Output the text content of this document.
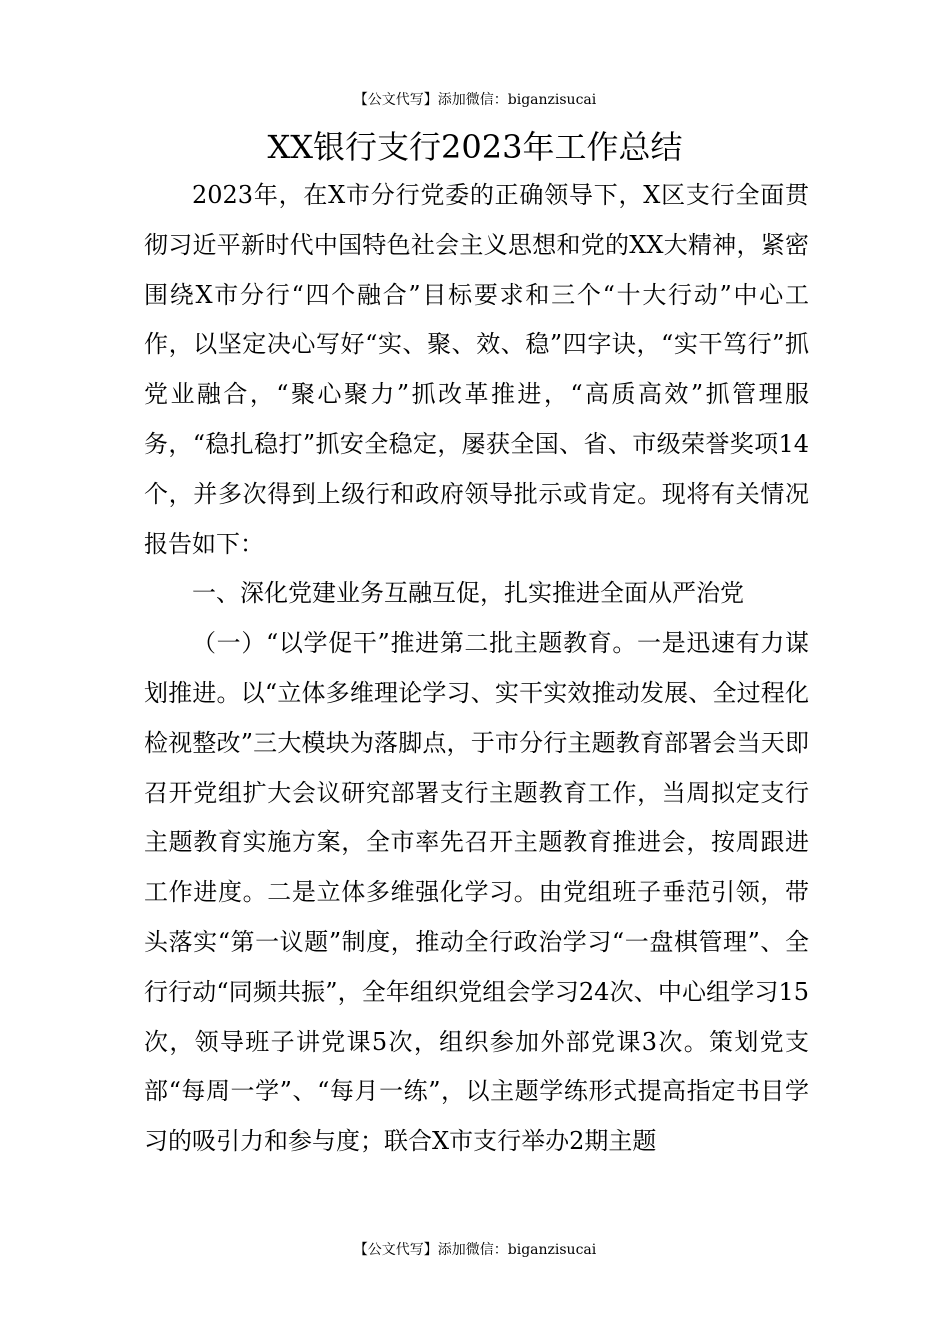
【公文代写】添加微信：biganzisucai
XX银行支行2023年工作总结

2023年，在X市分行党委的正确领导下，X区支行全面贯彻习近平新时代中国特色社会主义思想和党的XX大精神，紧密围绕X市分行“四个融合”目标要求和三个“十大行动”中心工作，以坚定决心写好“实、聚、效、稳”四字诀，“实干笃行”抓党业融合，“聚心聚力”抓改革推进，“高质高效”抓管理服务，“稳扎稳打”抓安全稳定，屡获全国、省、市级荣誉奖项14个，并多次得到上级行和政府领导批示或肯定。现将有关情况报告如下：

一、深化党建业务互融互促，扎实推进全面从严治党

（一）“以学促干”推进第二批主题教育。一是迅速有力谋划推进。以“立体多维理论学习、实干实效推动发展、全过程化检视整改”三大模块为落脚点，于市分行主题教育部署会当天即召开党组扩大会议研究部署支行主题教育工作，当周拟定支行主题教育实施方案，全市率先召开主题教育推进会，按周跟进工作进度。二是立体多维强化学习。由党组班子垂范引领，带头落实“第一议题”制度，推动全行政治学习“一盘棋管理”、全行行动“同频共振”，全年组织党组会学习24次、中心组学习15次，领导班子讲党课5次，组织参加外部党课3次。策划党支部“每周一学”、“每月一练”，以主题学练形式提高指定书目学习的吸引力和参与度；联合X市支行举办2期主题

【公文代写】添加微信：biganzisucai
